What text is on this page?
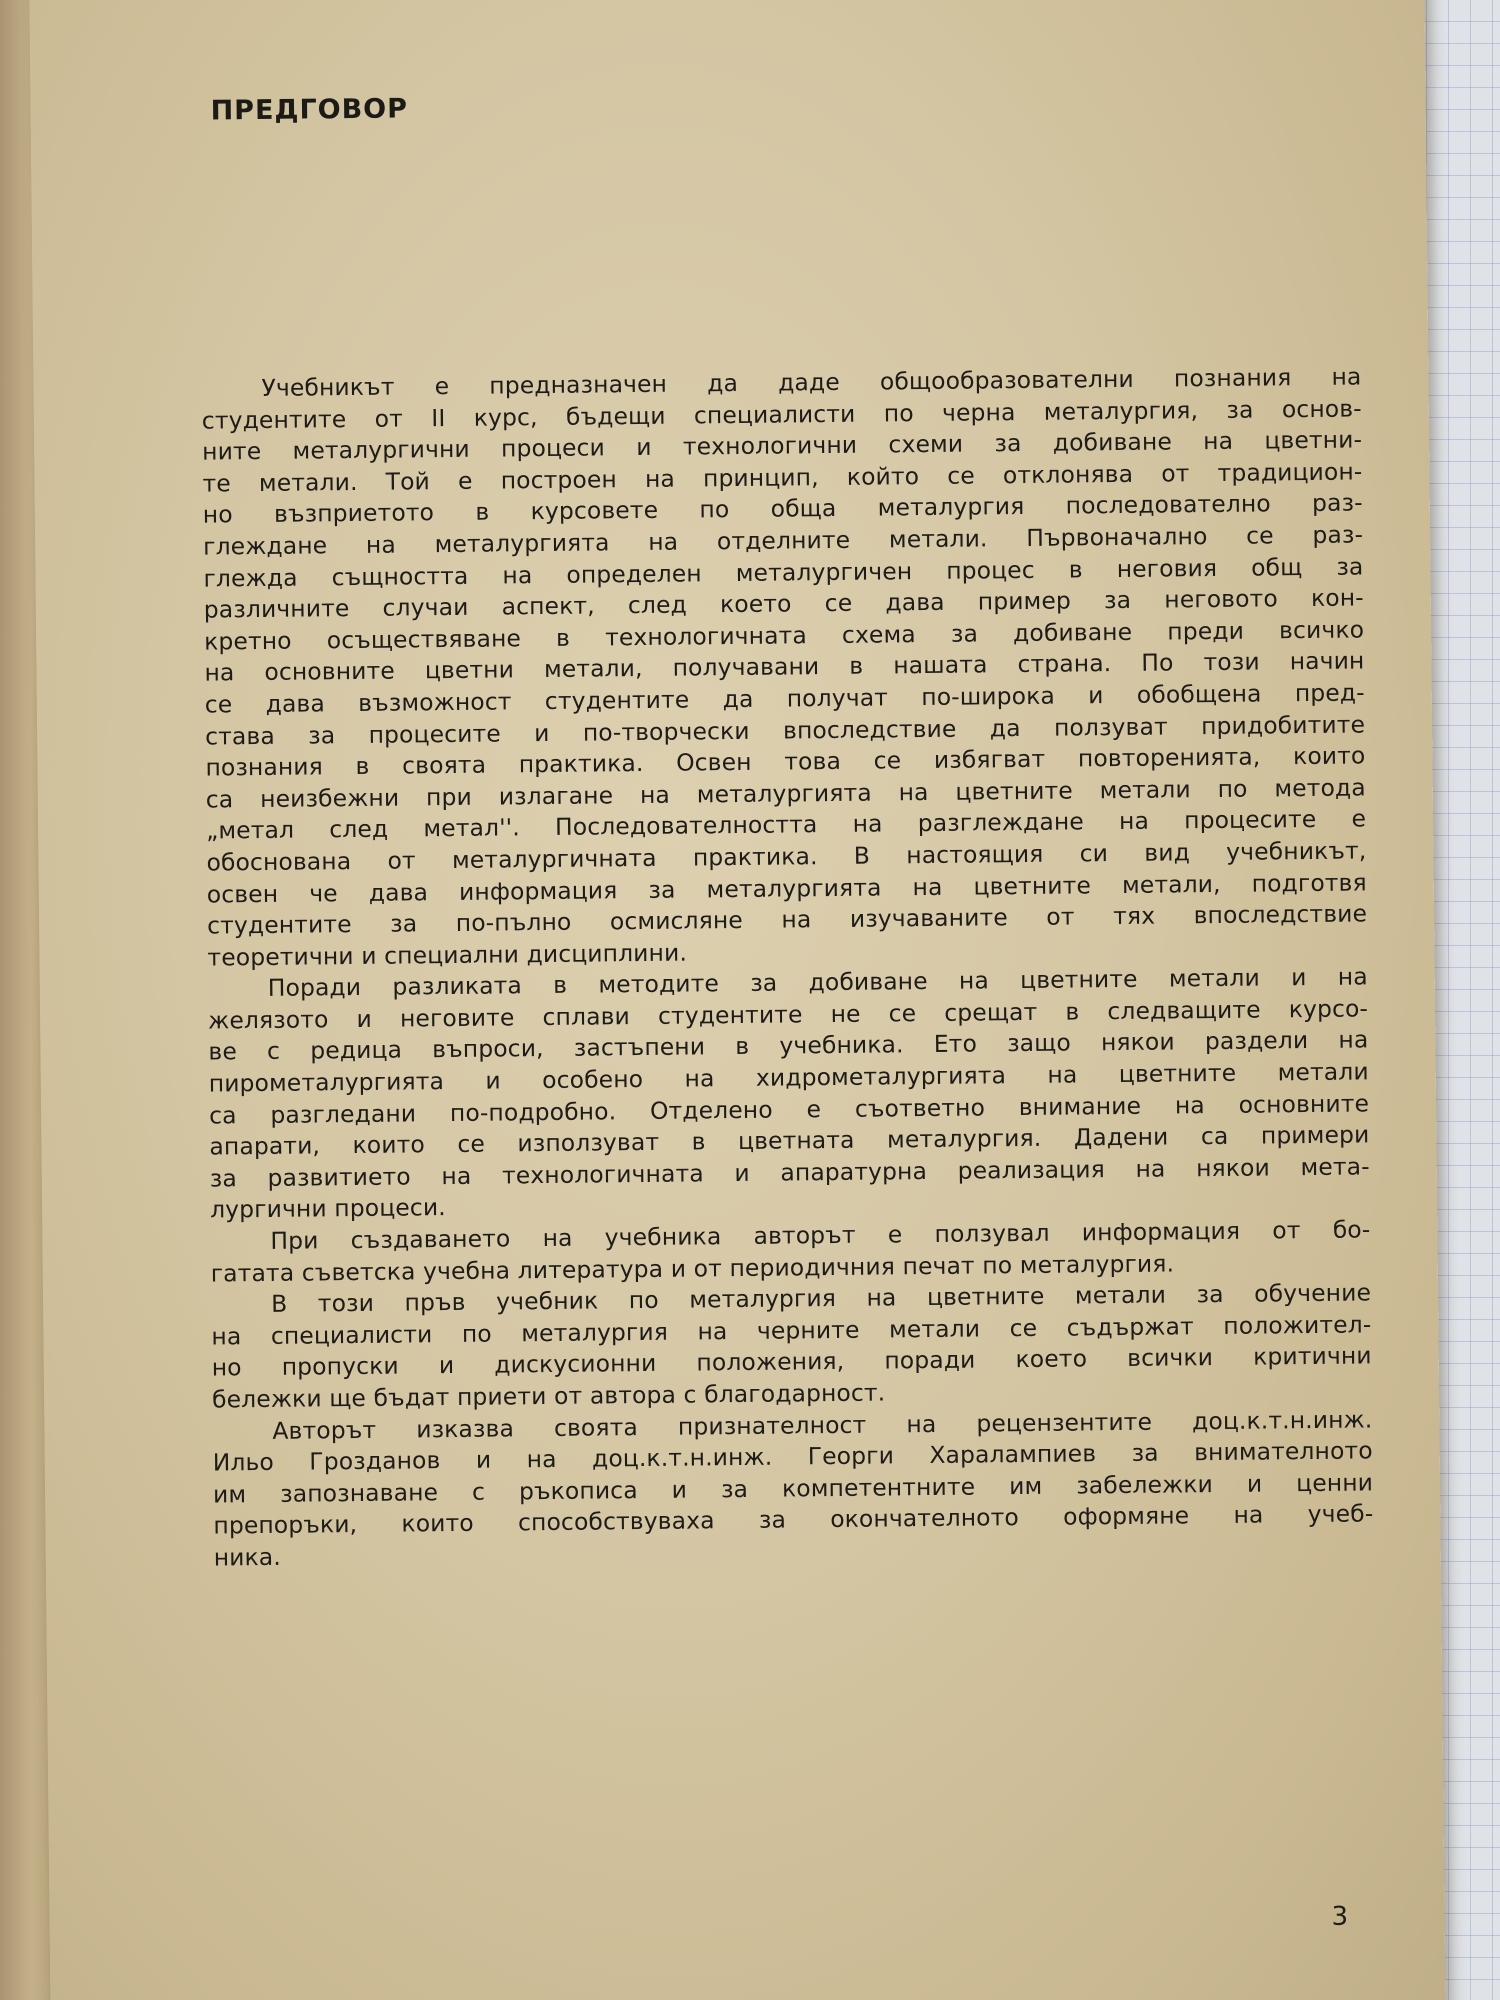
ПРЕДГОВОР
Учебникът е предназначен да даде общообразователни познания на
студентите от II курс, бъдещи специалисти по черна металургия, за основ-
ните металургични процеси и технологични схеми за добиване на цветни-
те метали. Той е построен на принцип, който се отклонява от традицион-
но възприетото в курсовете по обща металургия последователно раз-
глеждане на металургията на отделните метали. Първоначално се раз-
глежда същността на определен металургичен процес в неговия общ за
различните случаи аспект, след което се дава пример за неговото кон-
кретно осъществяване в технологичната схема за добиване преди всичко
на основните цветни метали, получавани в нашата страна. По този начин
се дава възможност студентите да получат по-широка и обобщена пред-
става за процесите и по-творчески впоследствие да ползуват придобитите
познания в своята практика. Освен това се избягват повторенията, които
са неизбежни при излагане на металургията на цветните метали по метода
„метал след метал''. Последователността на разглеждане на процесите е
обоснована от металургичната практика. В настоящия си вид учебникът,
освен че дава информация за металургията на цветните метали, подготвя
студентите за по-пълно осмисляне на изучаваните от тях впоследствие
теоретични и специални дисциплини.
Поради разликата в методите за добиване на цветните метали и на
желязото и неговите сплави студентите не се срещат в следващите курсо-
ве с редица въпроси, застъпени в учебника. Ето защо някои раздели на
пирометалургията и особено на хидрометалургията на цветните метали
са разгледани по-подробно. Отделено е съответно внимание на основните
апарати, които се използуват в цветната металургия. Дадени са примери
за развитието на технологичната и апаратурна реализация на някои мета-
лургични процеси.
При създаването на учебника авторът е ползувал информация от бо-
гатата съветска учебна литература и от периодичния печат по металургия.
В този пръв учебник по металургия на цветните метали за обучение
на специалисти по металургия на черните метали се съдържат положител-
но пропуски и дискусионни положения, поради което всички критични
бележки ще бъдат приети от автора с благодарност.
Авторът изказва своята признателност на рецензентите доц.к.т.н.инж.
Ильо Грозданов и на доц.к.т.н.инж. Георги Харалампиев за внимателното
им запознаване с ръкописа и за компетентните им забележки и ценни
препоръки, които способствуваха за окончателното оформяне на учеб-
ника.
3
